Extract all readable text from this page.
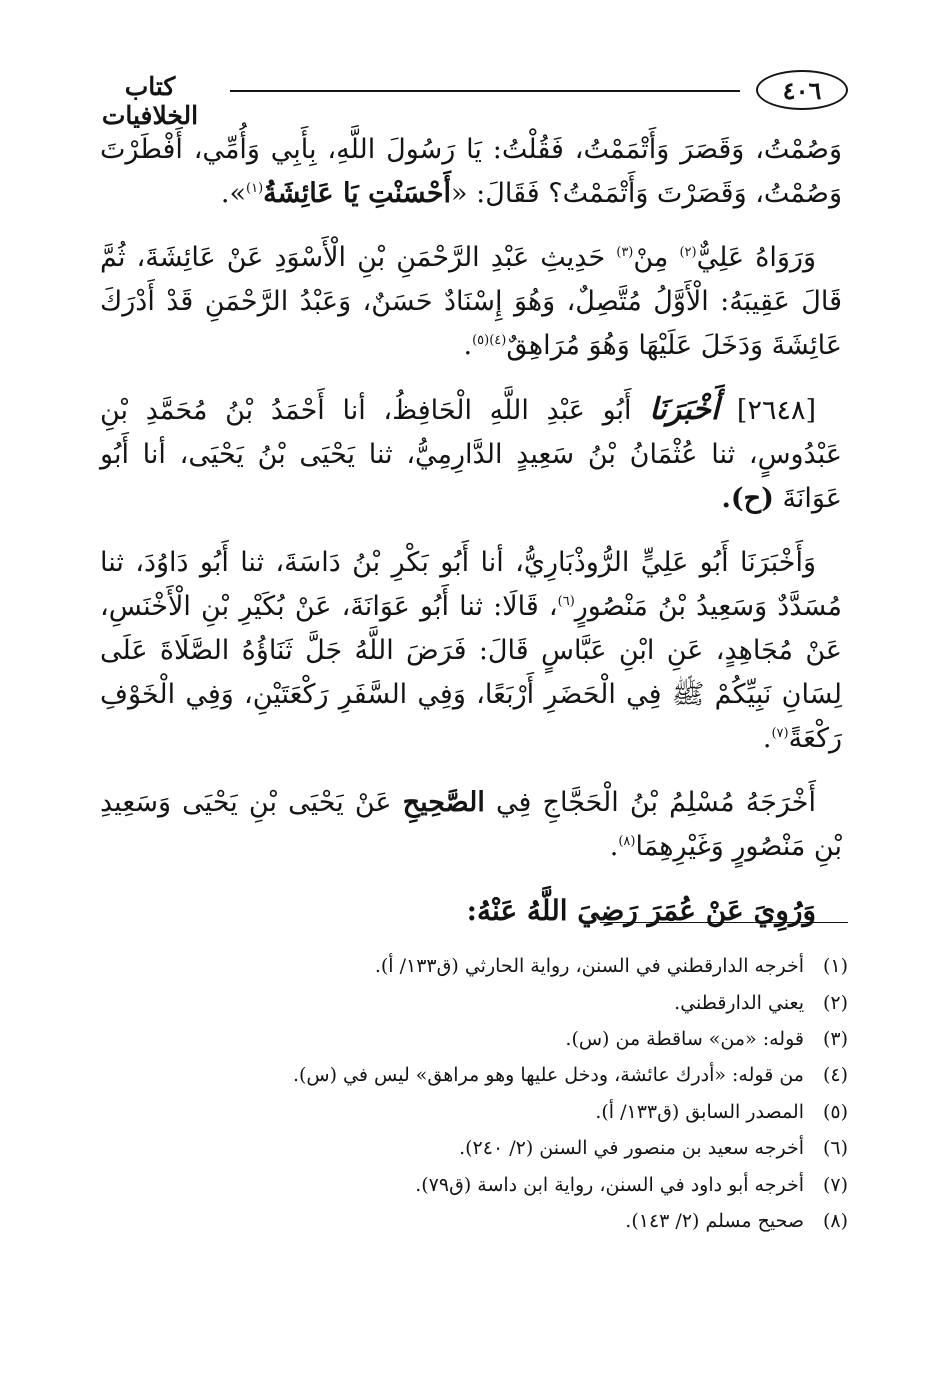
٤٠٦
كتاب الخلافيات

وَصُمْتُ، وَقَصَرَ وَأَتْمَمْتُ، فَقُلْتُ: يَا رَسُولَ اللَّهِ، بِأَبِي وَأُمِّي، أَفْطَرْتَ وَصُمْتُ، وَقَصَرْتَ وَأَتْمَمْتُ؟ فَقَالَ: «أَحْسَنْتِ يَا عَائِشَةُ$^{(١)}$».

وَرَوَاهُ عَلِيٌّ$^{(٢)}$ مِنْ$^{(٣)}$ حَدِيثِ عَبْدِ الرَّحْمَنِ بْنِ الْأَسْوَدِ عَنْ عَائِشَةَ، ثُمَّ قَالَ عَقِيبَهُ: الْأَوَّلُ مُتَّصِلٌ، وَهُوَ إِسْنَادٌ حَسَنٌ، وَعَبْدُ الرَّحْمَنِ قَدْ أَدْرَكَ عَائِشَةَ وَدَخَلَ عَلَيْهَا وَهُوَ مُرَاهِقٌ$^{(٤)(٥)}$.

[٢٦٤٨] أَخْبَرَنَا أَبُو عَبْدِ اللَّهِ الْحَافِظُ، أنا أَحْمَدُ بْنُ مُحَمَّدِ بْنِ عَبْدُوسٍ، ثنا عُثْمَانُ بْنُ سَعِيدٍ الدَّارِمِيُّ، ثنا يَحْيَى بْنُ يَحْيَى، أنا أَبُو عَوَانَةَ (ح).

وَأَخْبَرَنَا أَبُو عَلِيٍّ الرُّوذْبَارِيُّ، أنا أَبُو بَكْرِ بْنُ دَاسَةَ، ثنا أَبُو دَاوُدَ، ثنا مُسَدَّدٌ وَسَعِيدُ بْنُ مَنْصُورٍ$^{(٦)}$، قَالَا: ثنا أَبُو عَوَانَةَ، عَنْ بُكَيْرِ بْنِ الْأَخْنَسِ، عَنْ مُجَاهِدٍ، عَنِ ابْنِ عَبَّاسٍ قَالَ: فَرَضَ اللَّهُ جَلَّ ثَنَاؤُهُ الصَّلَاةَ عَلَى لِسَانِ نَبِيِّكُمْ ﷺ فِي الْحَضَرِ أَرْبَعًا، وَفِي السَّفَرِ رَكْعَتَيْنِ، وَفِي الْخَوْفِ رَكْعَةً$^{(٧)}$.

أَخْرَجَهُ مُسْلِمُ بْنُ الْحَجَّاجِ فِي الصَّحِيحِ عَنْ يَحْيَى بْنِ يَحْيَى وَسَعِيدِ بْنِ مَنْصُورٍ وَغَيْرِهِمَا$^{(٨)}$.

وَرُوِيَ عَنْ عُمَرَ رَضِيَ اللَّهُ عَنْهُ:

(١)
أخرجه الدارقطني في السنن، رواية الحارثي (ق١٣٣/ أ).
(٢)
يعني الدارقطني.
(٣)
قوله: «من» ساقطة من (س).
(٤)
من قوله: «أدرك عائشة، ودخل عليها وهو مراهق» ليس في (س).
(٥)
المصدر السابق (ق١٣٣/ أ).
(٦)
أخرجه سعيد بن منصور في السنن (٢/ ٢٤٠).
(٧)
أخرجه أبو داود في السنن، رواية ابن داسة (ق٧٩).
(٨)
صحيح مسلم (٢/ ١٤٣).
